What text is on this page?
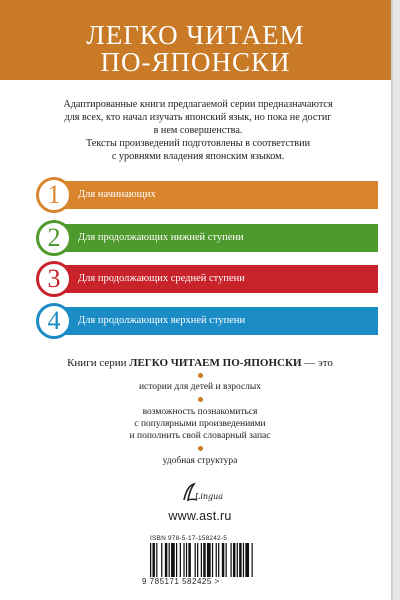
ЛЕГКО ЧИТАЕМ
ПО-ЯПОНСКИ

Адаптированные книги предлагаемой серии предназначаются

для всех, кто начал изучать японский язык, но пока не достиг

в нем совершенства.

Тексты произведений подготовлены в соответствии

с уровнями владения японским языком.

1	Для начинающих
2	Для продолжающих нижней ступени
3	Для продолжающих средней ступени
4	Для продолжающих верхней ступени
Книги серии ЛЕГКО ЧИТАЕМ ПО-ЯПОНСКИ — это
истории для детей и взрослых
возможность познакомиться
с популярными произведениями
и пополнить свой словарный запас
удобная структура
Lingua
www.ast.ru
ISBN 978-5-17-158242-5
9 785171 582425 >
